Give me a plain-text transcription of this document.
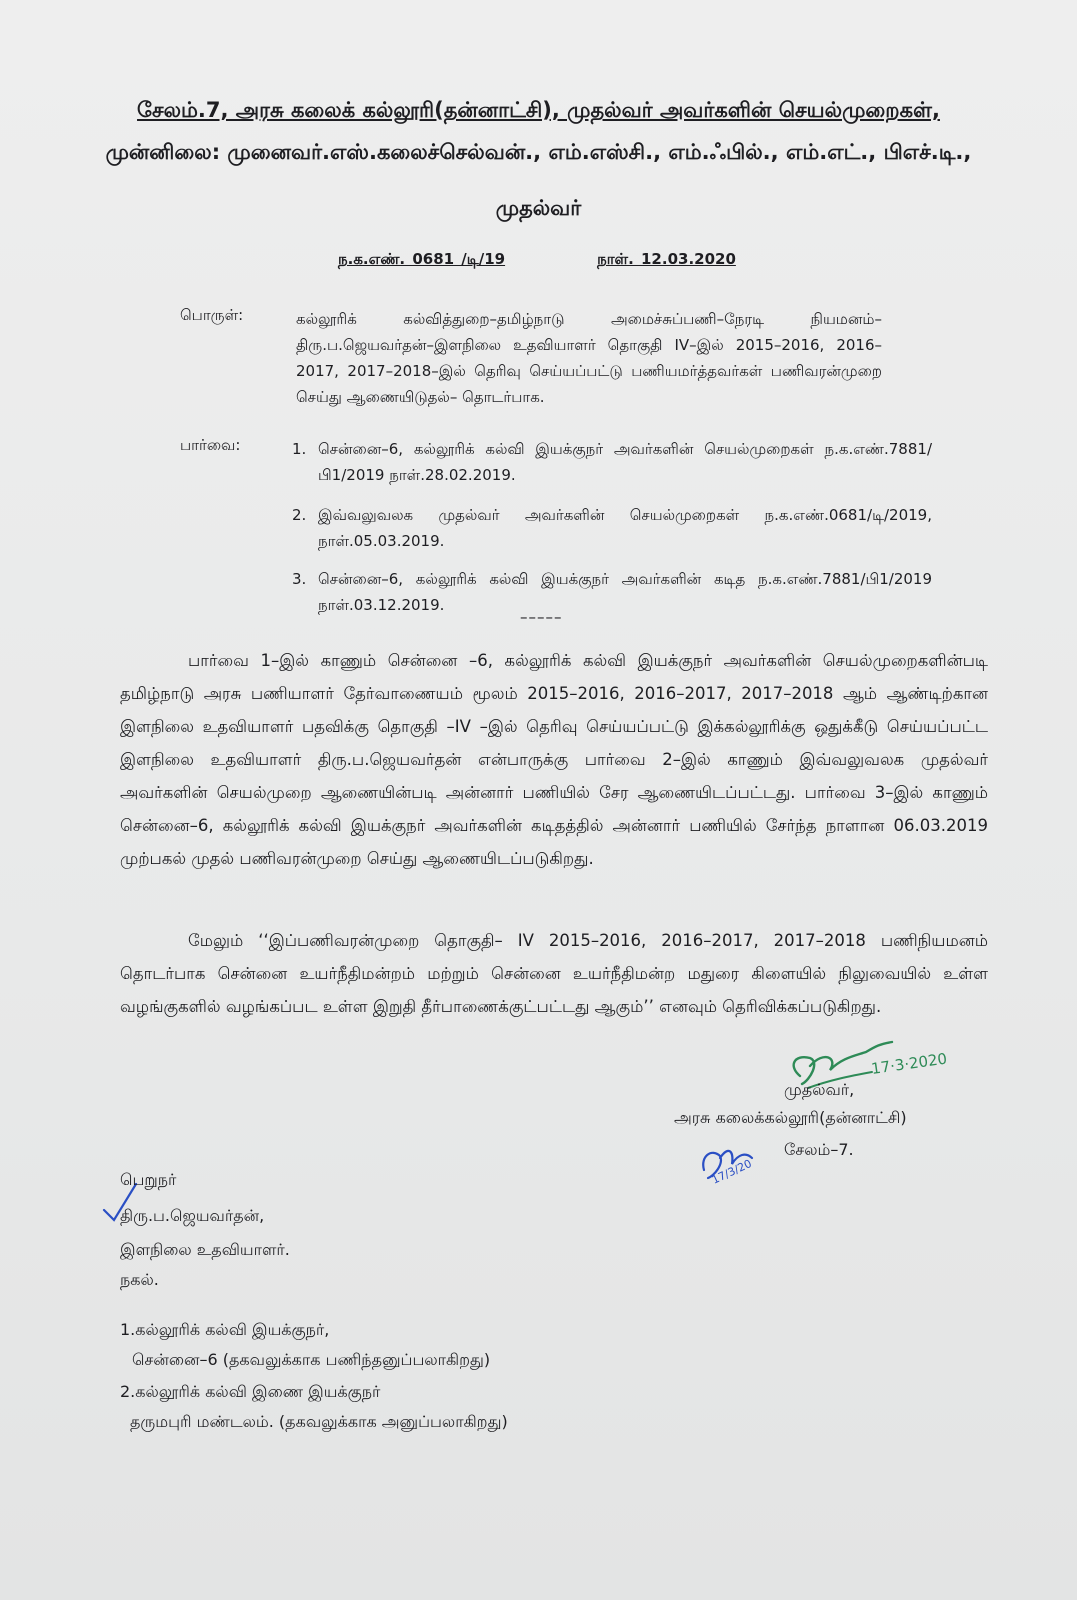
சேலம்.7, அரசு கலைக் கல்லூரி(தன்னாட்சி), முதல்வர் அவர்களின் செயல்முறைகள்,
முன்னிலை: முனைவர்.எஸ்.கலைச்செல்வன்., எம்.எஸ்சி., எம்.ஃபில்., எம்.எட்., பிஎச்.டி.,
முதல்வர்
ந.க.எண். 0681 /டி/19	நாள். 12.03.2020
பொருள்:	கல்லூரிக் கல்வித்துறை–தமிழ்நாடு அமைச்சுப்பணி–நேரடி நியமனம்– திரு.ப.ஜெயவர்தன்–இளநிலை உதவியாளர் தொகுதி IV–இல் 2015–2016, 2016–2017, 2017–2018–இல் தெரிவு செய்யப்பட்டு பணியமர்த்தவர்கள் பணிவரன்முறை செய்து ஆணையிடுதல்– தொடர்பாக.
பார்வை:	1. சென்னை–6, கல்லூரிக் கல்வி இயக்குநர் அவர்களின் செயல்முறைகள் ந.க.எண்.7881/பி1/2019 நாள்.28.02.2019.
2. இவ்வலுவலக முதல்வர் அவர்களின் செயல்முறைகள் ந.க.எண்.0681/டி/2019, நாள்.05.03.2019.
3. சென்னை–6, கல்லூரிக் கல்வி இயக்குநர் அவர்களின் கடித ந.க.எண்.7881/பி1/2019 நாள்.03.12.2019.
–––––
பார்வை 1–இல் காணும் சென்னை –6, கல்லூரிக் கல்வி இயக்குநர் அவர்களின் செயல்முறைகளின்படி தமிழ்நாடு அரசு பணியாளர் தேர்வாணையம் மூலம் 2015–2016, 2016–2017, 2017–2018 ஆம் ஆண்டிற்கான இளநிலை உதவியாளர் பதவிக்கு தொகுதி –IV –இல் தெரிவு செய்யப்பட்டு இக்கல்லூரிக்கு ஒதுக்கீடு செய்யப்பட்ட இளநிலை உதவியாளர் திரு.ப.ஜெயவர்தன் என்பாருக்கு பார்வை 2–இல் காணும் இவ்வலுவலக முதல்வர் அவர்களின் செயல்முறை ஆணையின்படி அன்னார் பணியில் சேர ஆணையிடப்பட்டது. பார்வை 3–இல் காணும் சென்னை–6, கல்லூரிக் கல்வி இயக்குநர் அவர்களின் கடிதத்தில் அன்னார் பணியில் சேர்ந்த நாளான 06.03.2019 முற்பகல் முதல் பணிவரன்முறை செய்து ஆணையிடப்படுகிறது.
மேலும் ‘‘இப்பணிவரன்முறை தொகுதி– IV 2015–2016, 2016–2017, 2017–2018 பணிநியமனம் தொடர்பாக சென்னை உயர்நீதிமன்றம் மற்றும் சென்னை உயர்நீதிமன்ற மதுரை கிளையில் நிலுவையில் உள்ள வழங்குகளில் வழங்கப்பட உள்ள இறுதி தீர்பாணைக்குட்பட்டது ஆகும்’’ எனவும் தெரிவிக்கப்படுகிறது.
17·3·2020
முதல்வர்,
அரசு கலைக்கல்லூரி(தன்னாட்சி)
17/3/20
சேலம்–7.
பெறுநர்
திரு.ப.ஜெயவர்தன்,
இளநிலை உதவியாளர்.
நகல்.
1.கல்லூரிக் கல்வி இயக்குநர்,
சென்னை–6 (தகவலுக்காக பணிந்தனுப்பலாகிறது)
2.கல்லூரிக் கல்வி இணை இயக்குநர்
தருமபுரி மண்டலம். (தகவலுக்காக அனுப்பலாகிறது)
